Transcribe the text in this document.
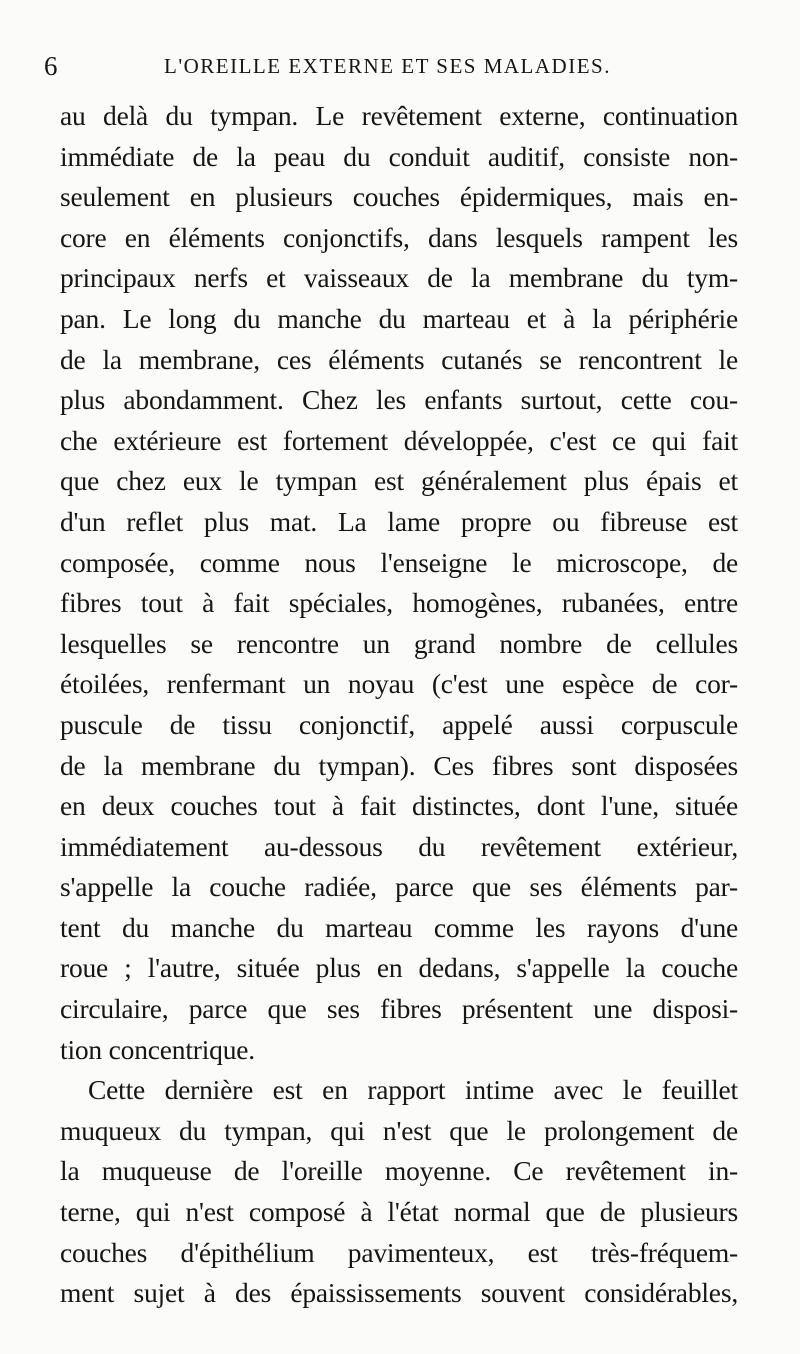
6	L'OREILLE EXTERNE ET SES MALADIES.
au delà du tympan. Le revêtement externe, continuation
immédiate de la peau du conduit auditif, consiste non-
seulement en plusieurs couches épidermiques, mais en-
core en éléments conjonctifs, dans lesquels rampent les
principaux nerfs et vaisseaux de la membrane du tym-
pan. Le long du manche du marteau et à la périphérie
de la membrane, ces éléments cutanés se rencontrent le
plus abondamment. Chez les enfants surtout, cette cou-
che extérieure est fortement développée, c'est ce qui fait
que chez eux le tympan est généralement plus épais et
d'un reflet plus mat. La lame propre ou fibreuse est
composée, comme nous l'enseigne le microscope, de
fibres tout à fait spéciales, homogènes, rubanées, entre
lesquelles se rencontre un grand nombre de cellules
étoilées, renfermant un noyau (c'est une espèce de cor-
puscule de tissu conjonctif, appelé aussi corpuscule
de la membrane du tympan). Ces fibres sont disposées
en deux couches tout à fait distinctes, dont l'une, située
immédiatement au-dessous du revêtement extérieur,
s'appelle la couche radiée, parce que ses éléments par-
tent du manche du marteau comme les rayons d'une
roue ; l'autre, située plus en dedans, s'appelle la couche
circulaire, parce que ses fibres présentent une disposi-
tion concentrique.
Cette dernière est en rapport intime avec le feuillet
muqueux du tympan, qui n'est que le prolongement de
la muqueuse de l'oreille moyenne. Ce revêtement in-
terne, qui n'est composé à l'état normal que de plusieurs
couches d'épithélium pavimenteux, est très-fréquem-
ment sujet à des épaississements souvent considérables,
